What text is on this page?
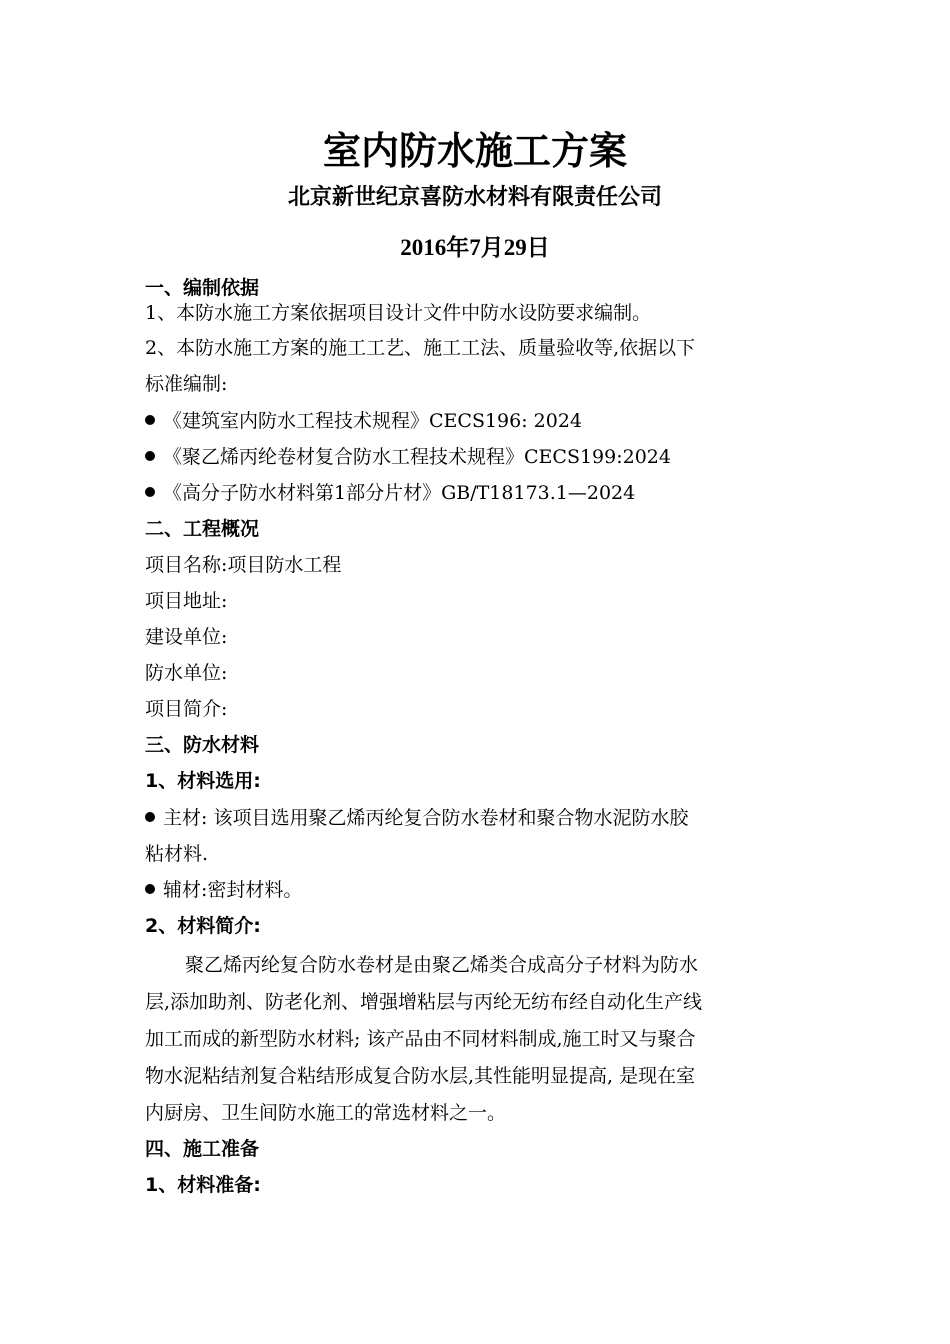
室内防水施工方案
北京新世纪京喜防水材料有限责任公司
2016年7月29日
一、编制依据
1、本防水施工方案依据项目设计文件中防水设防要求编制。
2、本防水施工方案的施工工艺、施工工法、质量验收等,依据以下
标准编制:
《建筑室内防水工程技术规程》CECS196: 2024
《聚乙烯丙纶卷材复合防水工程技术规程》CECS199:2024
《高分子防水材料第1部分片材》GB/T18173.1—2024
二、工程概况
项目名称:项目防水工程
项目地址:
建设单位:
防水单位:
项目简介:
三、防水材料
1、材料选用:
主材: 该项目选用聚乙烯丙纶复合防水卷材和聚合物水泥防水胶
粘材料.
辅材:密封材料。
2、材料简介:
聚乙烯丙纶复合防水卷材是由聚乙烯类合成高分子材料为防水
层,添加助剂、防老化剂、增强增粘层与丙纶无纺布经自动化生产线
加工而成的新型防水材料; 该产品由不同材料制成,施工时又与聚合
物水泥粘结剂复合粘结形成复合防水层,其性能明显提高, 是现在室
内厨房、卫生间防水施工的常选材料之一。
四、施工准备
1、材料准备:
